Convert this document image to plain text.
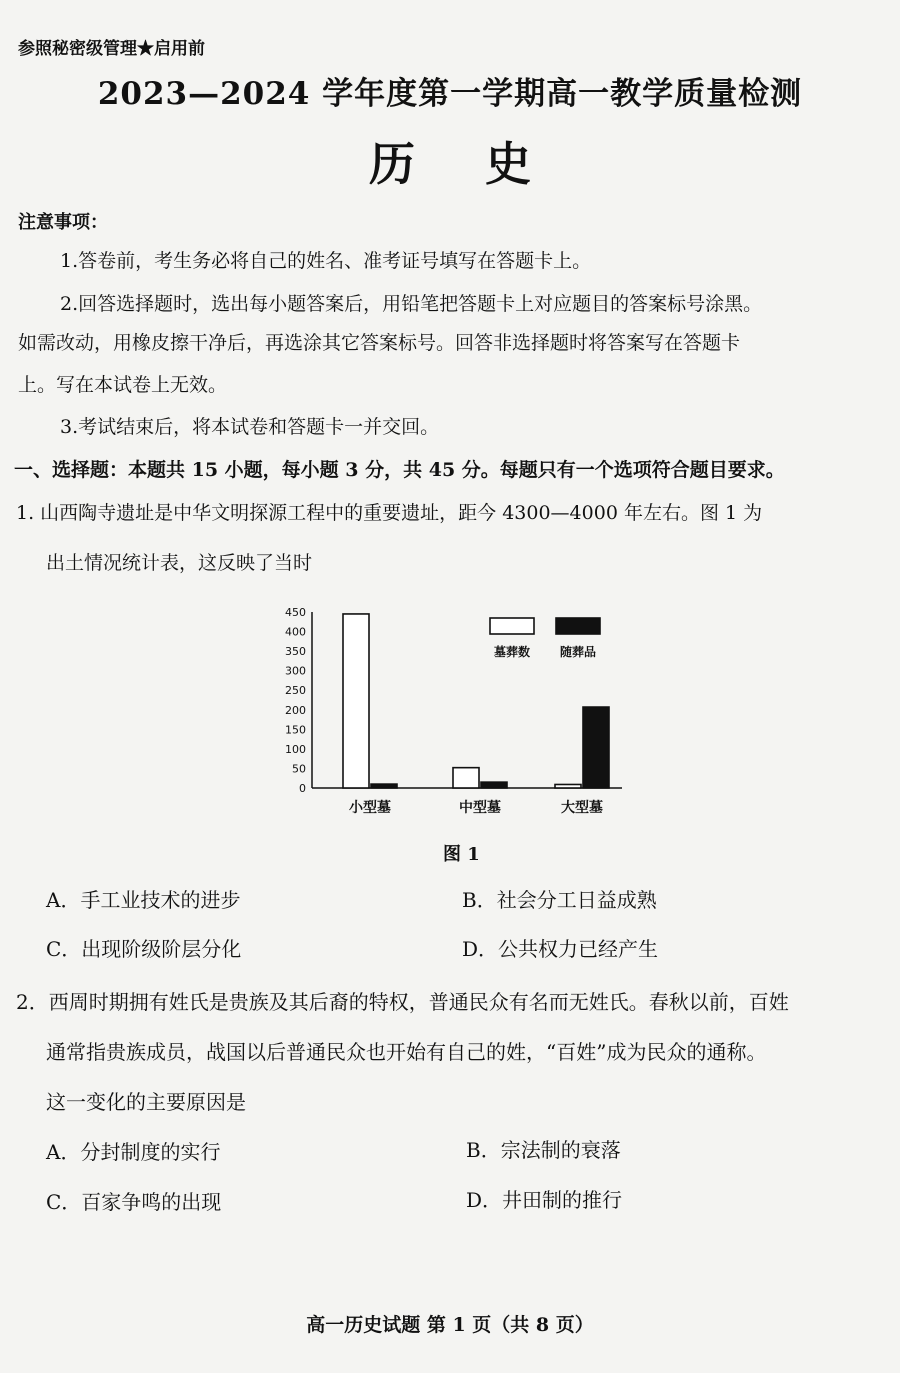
参照秘密级管理★启用前
2023—2024 学年度第一学期高一教学质量检测
历史
注意事项：
1.答卷前，考生务必将自己的姓名、准考证号填写在答题卡上。
2.回答选择题时，选出每小题答案后，用铅笔把答题卡上对应题目的答案标号涂黑。
如需改动，用橡皮擦干净后，再选涂其它答案标号。回答非选择题时将答案写在答题卡
上。写在本试卷上无效。
3.考试结束后，将本试卷和答题卡一并交回。
一、选择题：本题共 15 小题，每小题 3 分，共 45 分。每题只有一个选项符合题目要求。
1. 山西陶寺遗址是中华文明探源工程中的重要遗址，距今 4300—4000 年左右。图 1 为
出土情况统计表，这反映了当时
0
50
100
150
200
250
300
350
400
450
小型墓	中型墓	大型墓
墓葬数 随葬品
图 1
A．手工业技术的进步	B．社会分工日益成熟
C．出现阶级阶层分化	D．公共权力已经产生
2．西周时期拥有姓氏是贵族及其后裔的特权，普通民众有名而无姓氏。春秋以前，百姓
通常指贵族成员，战国以后普通民众也开始有自己的姓，“百姓”成为民众的通称。
这一变化的主要原因是
A．分封制度的实行	B．宗法制的衰落
C．百家争鸣的出现	D．井田制的推行
高一历史试题 第 1 页（共 8 页）
